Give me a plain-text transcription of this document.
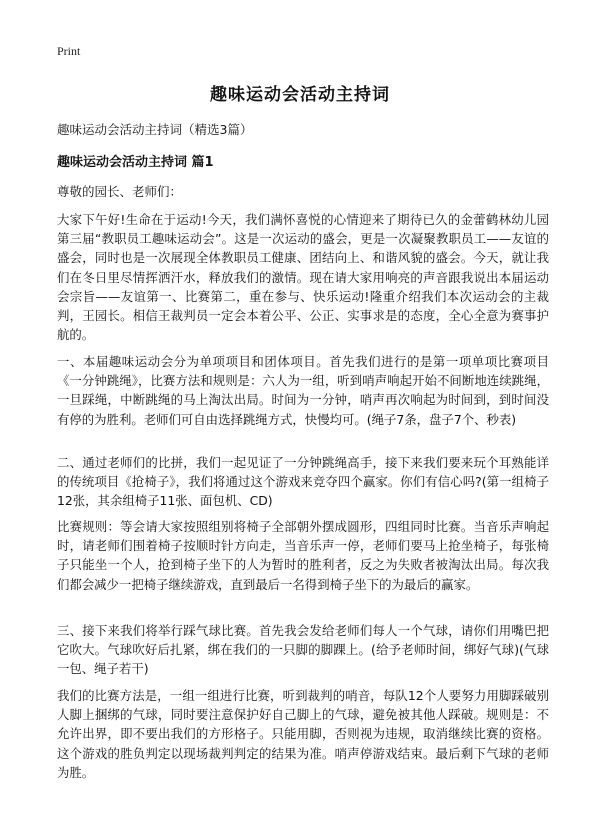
Print
趣味运动会活动主持词
趣味运动会活动主持词（精选3篇）
趣味运动会活动主持词 篇1
尊敬的园长、老师们：

大家下午好!生命在于运动!今天，我们满怀喜悦的心情迎来了期待已久的金蕾鹤林幼儿园第三届“教职员工趣味运动会”。这是一次运动的盛会，更是一次凝聚教职员工——友谊的盛会，同时也是一次展现全体教职员工健康、团结向上、和谐风貌的盛会。今天，就让我们在冬日里尽情挥洒汗水，释放我们的激情。现在请大家用响亮的声音跟我说出本届运动会宗旨——友谊第一、比赛第二，重在参与、快乐运动!隆重介绍我们本次运动会的主裁判，王园长。相信王裁判员一定会本着公平、公正、实事求是的态度，全心全意为赛事护航的。

一、本届趣味运动会分为单项项目和团体项目。首先我们进行的是第一项单项比赛项目《一分钟跳绳》，比赛方法和规则是：六人为一组，听到哨声响起开始不间断地连续跳绳，一旦踩绳，中断跳绳的马上淘汰出局。时间为一分钟，哨声再次响起为时间到，到时间没有停的为胜利。老师们可自由选择跳绳方式，快慢均可。(绳子7条，盘子7个、秒表)

二、通过老师们的比拼，我们一起见证了一分钟跳绳高手，接下来我们要来玩个耳熟能详的传统项目《抢椅子》，我们将通过这个游戏来竞夺四个赢家。你们有信心吗?(第一组椅子12张，其余组椅子11张、面包机、CD)

比赛规则：等会请大家按照组别将椅子全部朝外摆成圆形，四组同时比赛。当音乐声响起时，请老师们围着椅子按顺时针方向走，当音乐声一停，老师们要马上抢坐椅子，每张椅子只能坐一个人，抢到椅子坐下的人为暂时的胜利者，反之为失败者被淘汰出局。每次我们都会减少一把椅子继续游戏，直到最后一名得到椅子坐下的为最后的赢家。

三、接下来我们将举行踩气球比赛。首先我会发给老师们每人一个气球，请你们用嘴巴把它吹大。气球吹好后扎紧，绑在我们的一只脚的脚踝上。(给予老师时间，绑好气球)(气球一包、绳子若干)

我们的比赛方法是，一组一组进行比赛，听到裁判的哨音，每队12个人要努力用脚踩破别人脚上捆绑的气球，同时要注意保护好自己脚上的气球，避免被其他人踩破。规则是：不允许出界，即不要出我们的方形格子。只能用脚，否则视为违规，取消继续比赛的资格。这个游戏的胜负判定以现场裁判判定的结果为准。哨声停游戏结束。最后剩下气球的老师为胜。
